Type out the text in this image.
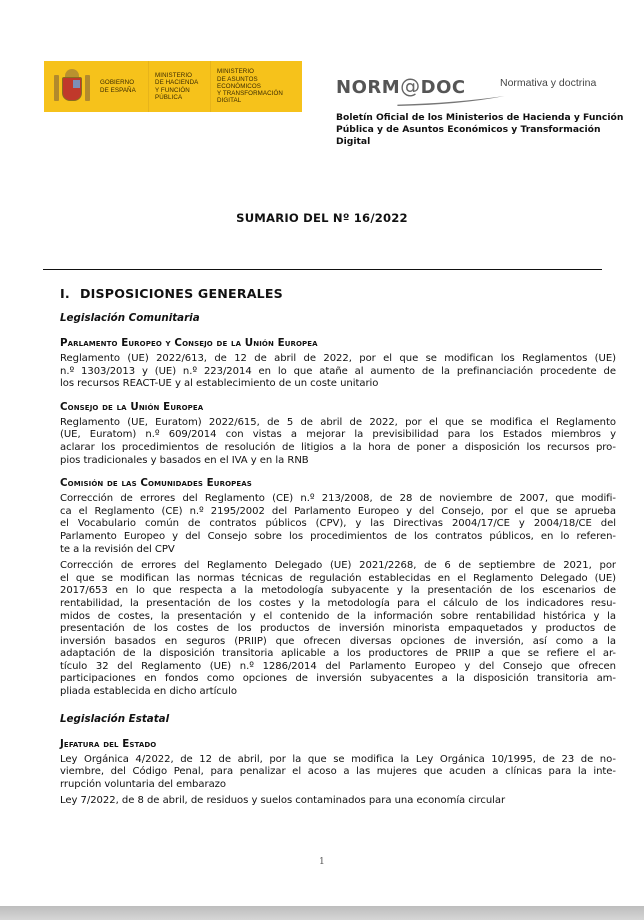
GOBIERNO
DE ESPAÑA
MINISTERIO
DE HACIENDA
Y FUNCIÓN PÚBLICA
MINISTERIO
DE ASUNTOS ECONÓMICOS
Y TRANSFORMACIÓN DIGITAL
NORM@DOC	Normativa y doctrina
Boletín Oficial de los Ministerios de Hacienda y Función
Pública y de Asuntos Económicos y Transformación Digital
SUMARIO DEL Nº 16/2022
I. DISPOSICIONES GENERALES
Legislación Comunitaria
Parlamento Europeo y Consejo de la Unión Europea
Reglamento (UE) 2022/613, de 12 de abril de 2022, por el que se modifican los Reglamentos (UE)
n.º 1303/2013 y (UE) n.º 223/2014 en lo que atañe al aumento de la prefinanciación procedente de
los recursos REACT-UE y al establecimiento de un coste unitario
Consejo de la Unión Europea
Reglamento (UE, Euratom) 2022/615, de 5 de abril de 2022, por el que se modifica el Reglamento
(UE, Euratom) n.º 609/2014 con vistas a mejorar la previsibilidad para los Estados miembros y
aclarar los procedimientos de resolución de litigios a la hora de poner a disposición los recursos pro-
pios tradicionales y basados en el IVA y en la RNB
Comisión de las Comunidades Europeas
Corrección de errores del Reglamento (CE) n.º 213/2008, de 28 de noviembre de 2007, que modifi-
ca el Reglamento (CE) n.º 2195/2002 del Parlamento Europeo y del Consejo, por el que se aprueba
el Vocabulario común de contratos públicos (CPV), y las Directivas 2004/17/CE y 2004/18/CE del
Parlamento Europeo y del Consejo sobre los procedimientos de los contratos públicos, en lo referen-
te a la revisión del CPV
Corrección de errores del Reglamento Delegado (UE) 2021/2268, de 6 de septiembre de 2021, por
el que se modifican las normas técnicas de regulación establecidas en el Reglamento Delegado (UE)
2017/653 en lo que respecta a la metodología subyacente y la presentación de los escenarios de
rentabilidad, la presentación de los costes y la metodología para el cálculo de los indicadores resu-
midos de costes, la presentación y el contenido de la información sobre rentabilidad histórica y la
presentación de los costes de los productos de inversión minorista empaquetados y productos de
inversión basados en seguros (PRIIP) que ofrecen diversas opciones de inversión, así como a la
adaptación de la disposición transitoria aplicable a los productores de PRIIP a que se refiere el ar-
tículo 32 del Reglamento (UE) n.º 1286/2014 del Parlamento Europeo y del Consejo que ofrecen
participaciones en fondos como opciones de inversión subyacentes a la disposición transitoria am-
pliada establecida en dicho artículo
Legislación Estatal
Jefatura del Estado
Ley Orgánica 4/2022, de 12 de abril, por la que se modifica la Ley Orgánica 10/1995, de 23 de no-
viembre, del Código Penal, para penalizar el acoso a las mujeres que acuden a clínicas para la inte-
rrupción voluntaria del embarazo
Ley 7/2022, de 8 de abril, de residuos y suelos contaminados para una economía circular
1
